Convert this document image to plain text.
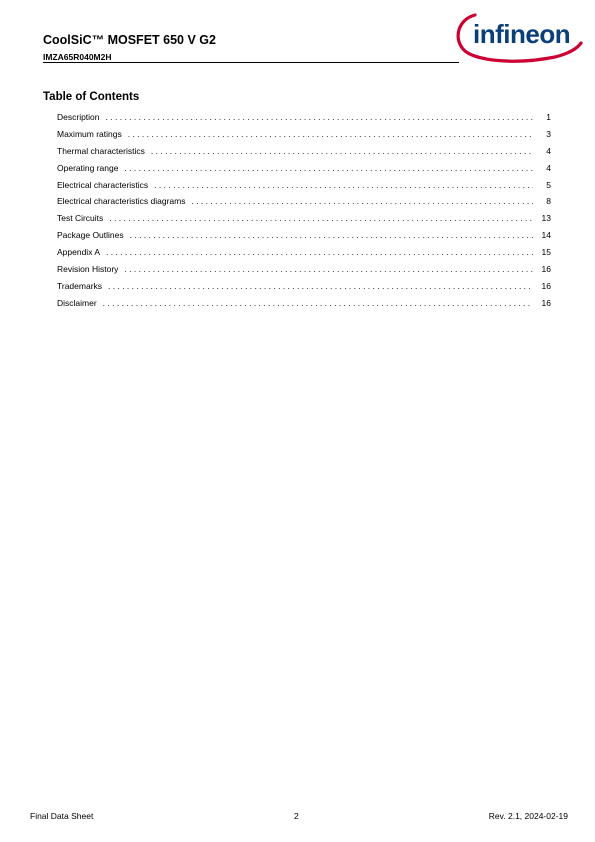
CoolSiC™ MOSFET 650 V G2
IMZA65R040M2H
infineon
Table of Contents
Description . . .	1
Maximum ratings . . .	3
Thermal characteristics . . .	4
Operating range . . .	4
Electrical characteristics . . .	5
Electrical characteristics diagrams . . .	8
Test Circuits . . .	13
Package Outlines . . .	14
Appendix A . . .	15
Revision History . . .	16
Trademarks . . .	16
Disclaimer . . .	16
Final Data Sheet	2	Rev. 2.1, 2024-02-19
